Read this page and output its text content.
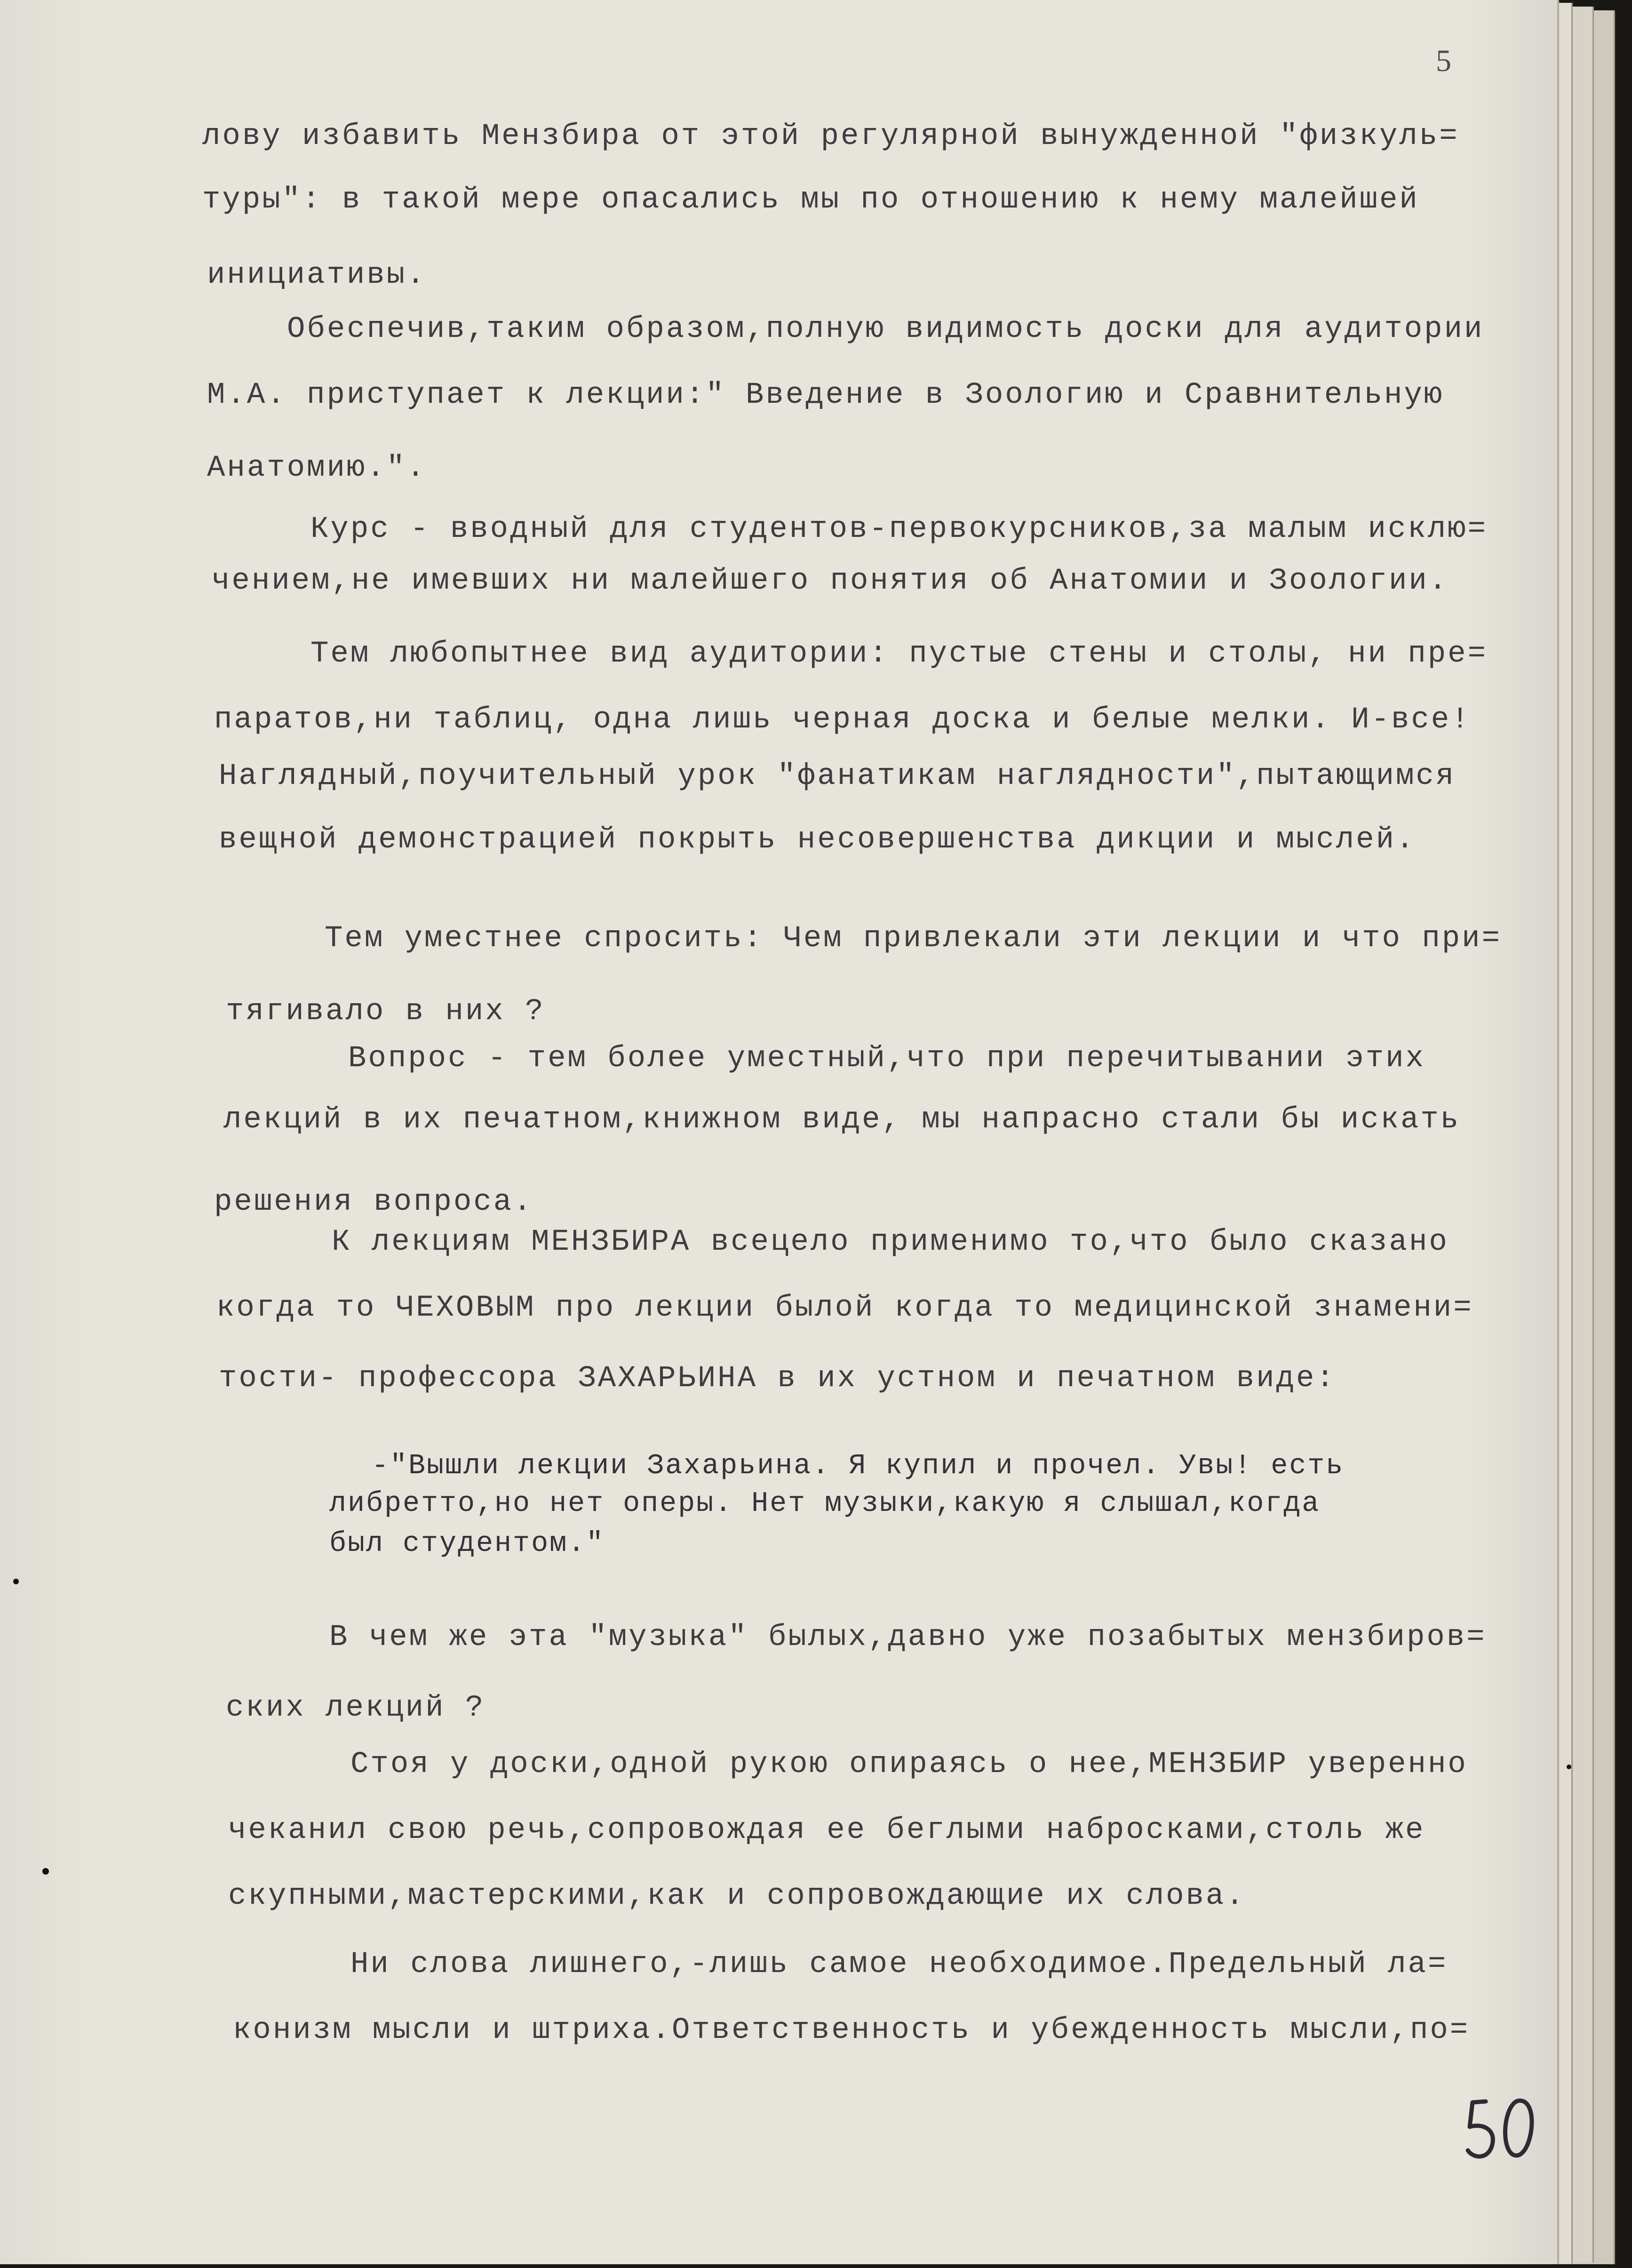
5
лову избавить Мензбира от этой регулярной вынужденной "физкуль=
туры": в такой мере опасались мы по отношению к нему малейшей
инициативы.
Обеспечив,таким образом,полную видимость доски для аудитории
М.А. приступает к лекции:" Введение в Зоологию и Сравнительную
Анатомию.".
Курс - вводный для студентов-первокурсников,за малым исклю=
чением,не имевших ни малейшего понятия об Анатомии и Зоологии.
Тем любопытнее вид аудитории: пустые стены и столы, ни пре=
паратов,ни таблиц, одна лишь черная доска и белые мелки. И-все!
Наглядный,поучительный урок "фанатикам наглядности",пытающимся
вещной демонстрацией покрыть несовершенства дикции и мыслей.
Тем уместнее спросить: Чем привлекали эти лекции и что при=
тягивало в них ?
Вопрос - тем более уместный,что при перечитывании этих
лекций в их печатном,книжном виде, мы напрасно стали бы искать
решения вопроса.
К лекциям МЕНЗБИРА всецело применимо то,что было сказано
когда то ЧЕХОВЫМ про лекции былой когда то медицинской знамени=
тости- профессора ЗАХАРЬИНА в их устном и печатном виде:
-"Вышли лекции Захарьина. Я купил и прочел. Увы! есть
либретто,но нет оперы. Нет музыки,какую я слышал,когда
был студентом."
В чем же эта "музыка" былых,давно уже позабытых мензбиров=
ских лекций ?
Стоя у доски,одной рукою опираясь о нее,МЕНЗБИР уверенно
чеканил свою речь,сопровождая ее беглыми набросками,столь же
скупными,мастерскими,как и сопровождающие их слова.
Ни слова лишнего,-лишь самое необходимое.Предельный ла=
конизм мысли и штриха.Ответственность и убежденность мысли,по=
